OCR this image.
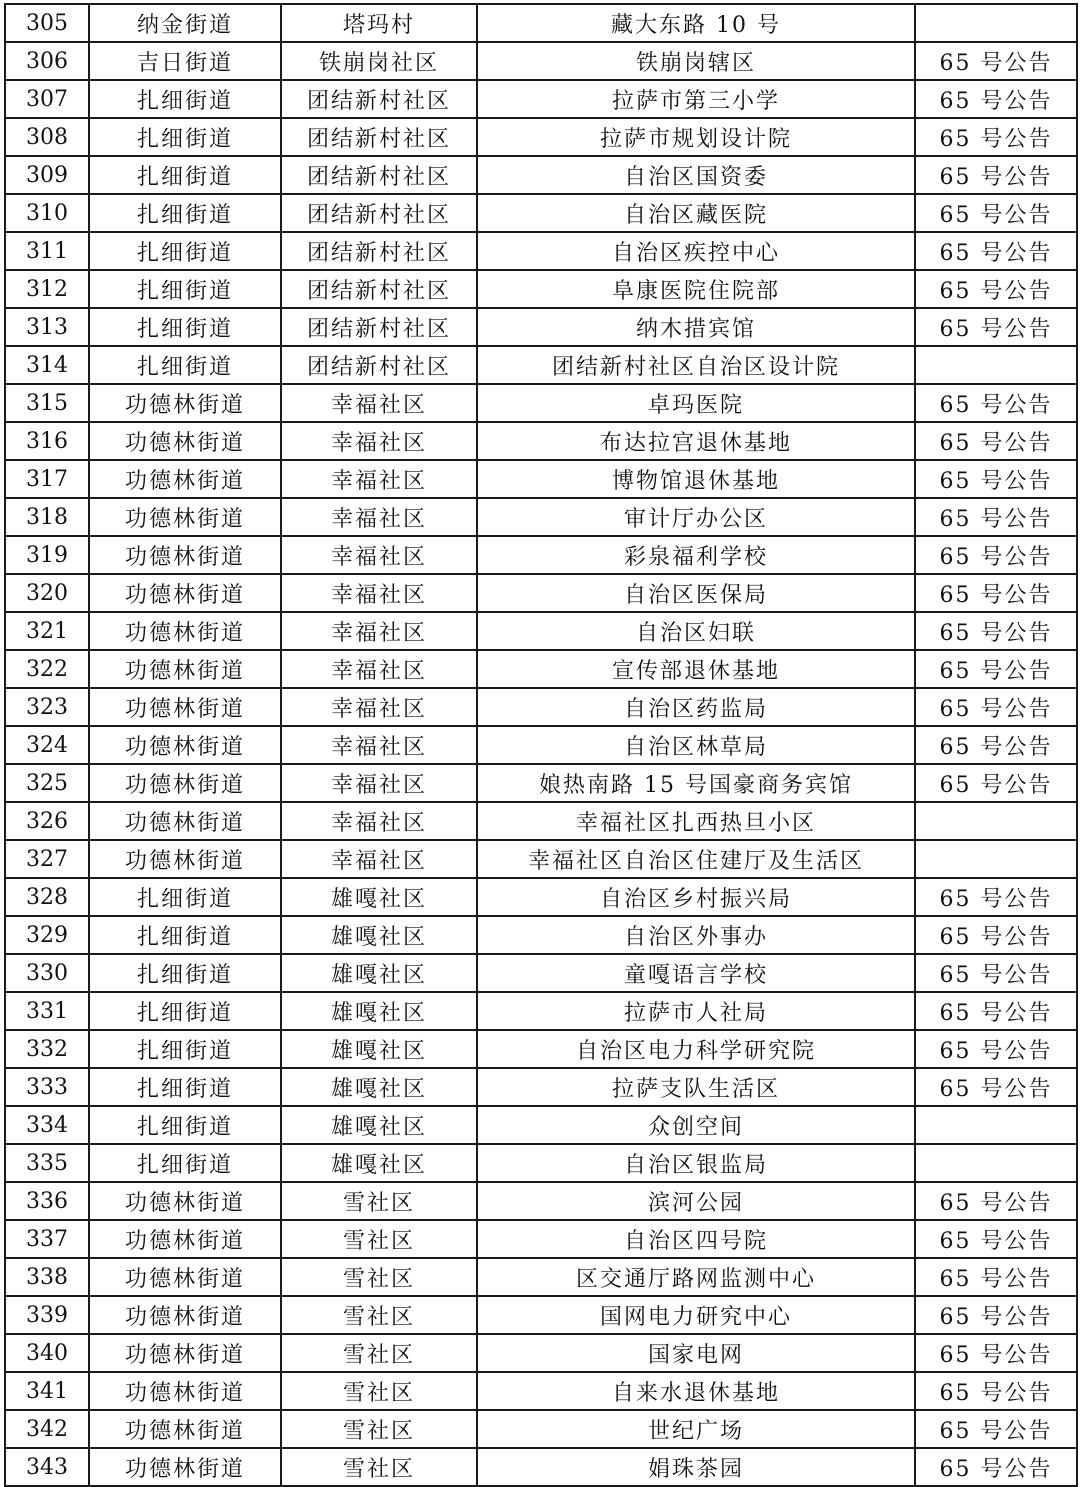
305	纳金街道	塔玛村	藏大东路 10 号	
306	吉日街道	铁崩岗社区	铁崩岗辖区	65 号公告
307	扎细街道	团结新村社区	拉萨市第三小学	65 号公告
308	扎细街道	团结新村社区	拉萨市规划设计院	65 号公告
309	扎细街道	团结新村社区	自治区国资委	65 号公告
310	扎细街道	团结新村社区	自治区藏医院	65 号公告
311	扎细街道	团结新村社区	自治区疾控中心	65 号公告
312	扎细街道	团结新村社区	阜康医院住院部	65 号公告
313	扎细街道	团结新村社区	纳木措宾馆	65 号公告
314	扎细街道	团结新村社区	团结新村社区自治区设计院	
315	功德林街道	幸福社区	卓玛医院	65 号公告
316	功德林街道	幸福社区	布达拉宫退休基地	65 号公告
317	功德林街道	幸福社区	博物馆退休基地	65 号公告
318	功德林街道	幸福社区	审计厅办公区	65 号公告
319	功德林街道	幸福社区	彩泉福利学校	65 号公告
320	功德林街道	幸福社区	自治区医保局	65 号公告
321	功德林街道	幸福社区	自治区妇联	65 号公告
322	功德林街道	幸福社区	宣传部退休基地	65 号公告
323	功德林街道	幸福社区	自治区药监局	65 号公告
324	功德林街道	幸福社区	自治区林草局	65 号公告
325	功德林街道	幸福社区	娘热南路 15 号国豪商务宾馆	65 号公告
326	功德林街道	幸福社区	幸福社区扎西热旦小区	
327	功德林街道	幸福社区	幸福社区自治区住建厅及生活区	
328	扎细街道	雄嘎社区	自治区乡村振兴局	65 号公告
329	扎细街道	雄嘎社区	自治区外事办	65 号公告
330	扎细街道	雄嘎社区	童嘎语言学校	65 号公告
331	扎细街道	雄嘎社区	拉萨市人社局	65 号公告
332	扎细街道	雄嘎社区	自治区电力科学研究院	65 号公告
333	扎细街道	雄嘎社区	拉萨支队生活区	65 号公告
334	扎细街道	雄嘎社区	众创空间	
335	扎细街道	雄嘎社区	自治区银监局	
336	功德林街道	雪社区	滨河公园	65 号公告
337	功德林街道	雪社区	自治区四号院	65 号公告
338	功德林街道	雪社区	区交通厅路网监测中心	65 号公告
339	功德林街道	雪社区	国网电力研究中心	65 号公告
340	功德林街道	雪社区	国家电网	65 号公告
341	功德林街道	雪社区	自来水退休基地	65 号公告
342	功德林街道	雪社区	世纪广场	65 号公告
343	功德林街道	雪社区	娟珠茶园	65 号公告
